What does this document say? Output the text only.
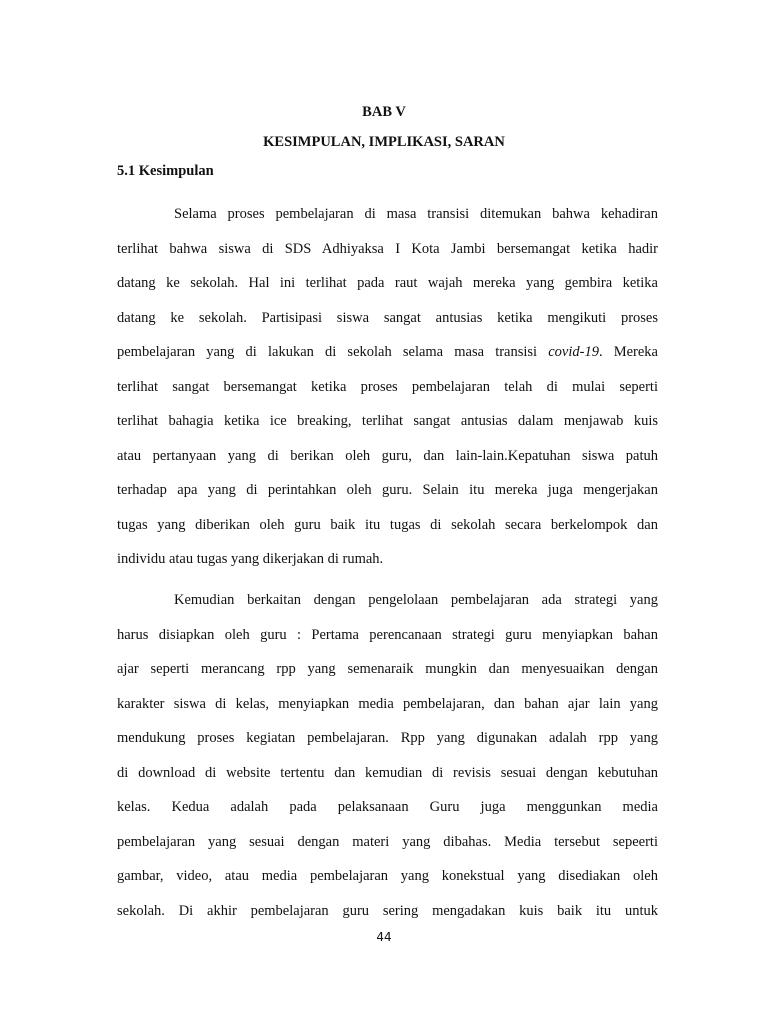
BAB V
KESIMPULAN, IMPLIKASI, SARAN
5.1 Kesimpulan
Selama proses pembelajaran di masa transisi ditemukan bahwa kehadiran
terlihat bahwa siswa di SDS Adhiyaksa I Kota Jambi bersemangat ketika hadir
datang ke sekolah. Hal ini terlihat pada raut wajah mereka yang gembira ketika
datang ke sekolah. Partisipasi siswa sangat antusias ketika mengikuti proses
pembelajaran yang di lakukan di sekolah selama masa transisi covid-19. Mereka
terlihat sangat bersemangat ketika proses pembelajaran telah di mulai seperti
terlihat bahagia ketika ice breaking, terlihat sangat antusias dalam menjawab kuis
atau pertanyaan yang di berikan oleh guru, dan lain-lain.Kepatuhan siswa patuh
terhadap apa yang di perintahkan oleh guru. Selain itu mereka juga mengerjakan
tugas yang diberikan oleh guru baik itu tugas di sekolah secara berkelompok dan
individu atau tugas yang dikerjakan di rumah.
Kemudian berkaitan dengan pengelolaan pembelajaran ada strategi yang
harus disiapkan oleh guru : Pertama perencanaan strategi guru menyiapkan bahan
ajar seperti merancang rpp yang semenaraik mungkin dan menyesuaikan dengan
karakter siswa di kelas, menyiapkan media pembelajaran, dan bahan ajar lain yang
mendukung proses kegiatan pembelajaran. Rpp yang digunakan adalah rpp yang
di download di website tertentu dan kemudian di revisis sesuai dengan kebutuhan
kelas. Kedua adalah pada pelaksanaan Guru juga menggunkan media
pembelajaran yang sesuai dengan materi yang dibahas. Media tersebut sepeerti
gambar, video, atau media pembelajaran yang konekstual yang disediakan oleh
sekolah. Di akhir pembelajaran guru sering mengadakan kuis baik itu untuk
44
